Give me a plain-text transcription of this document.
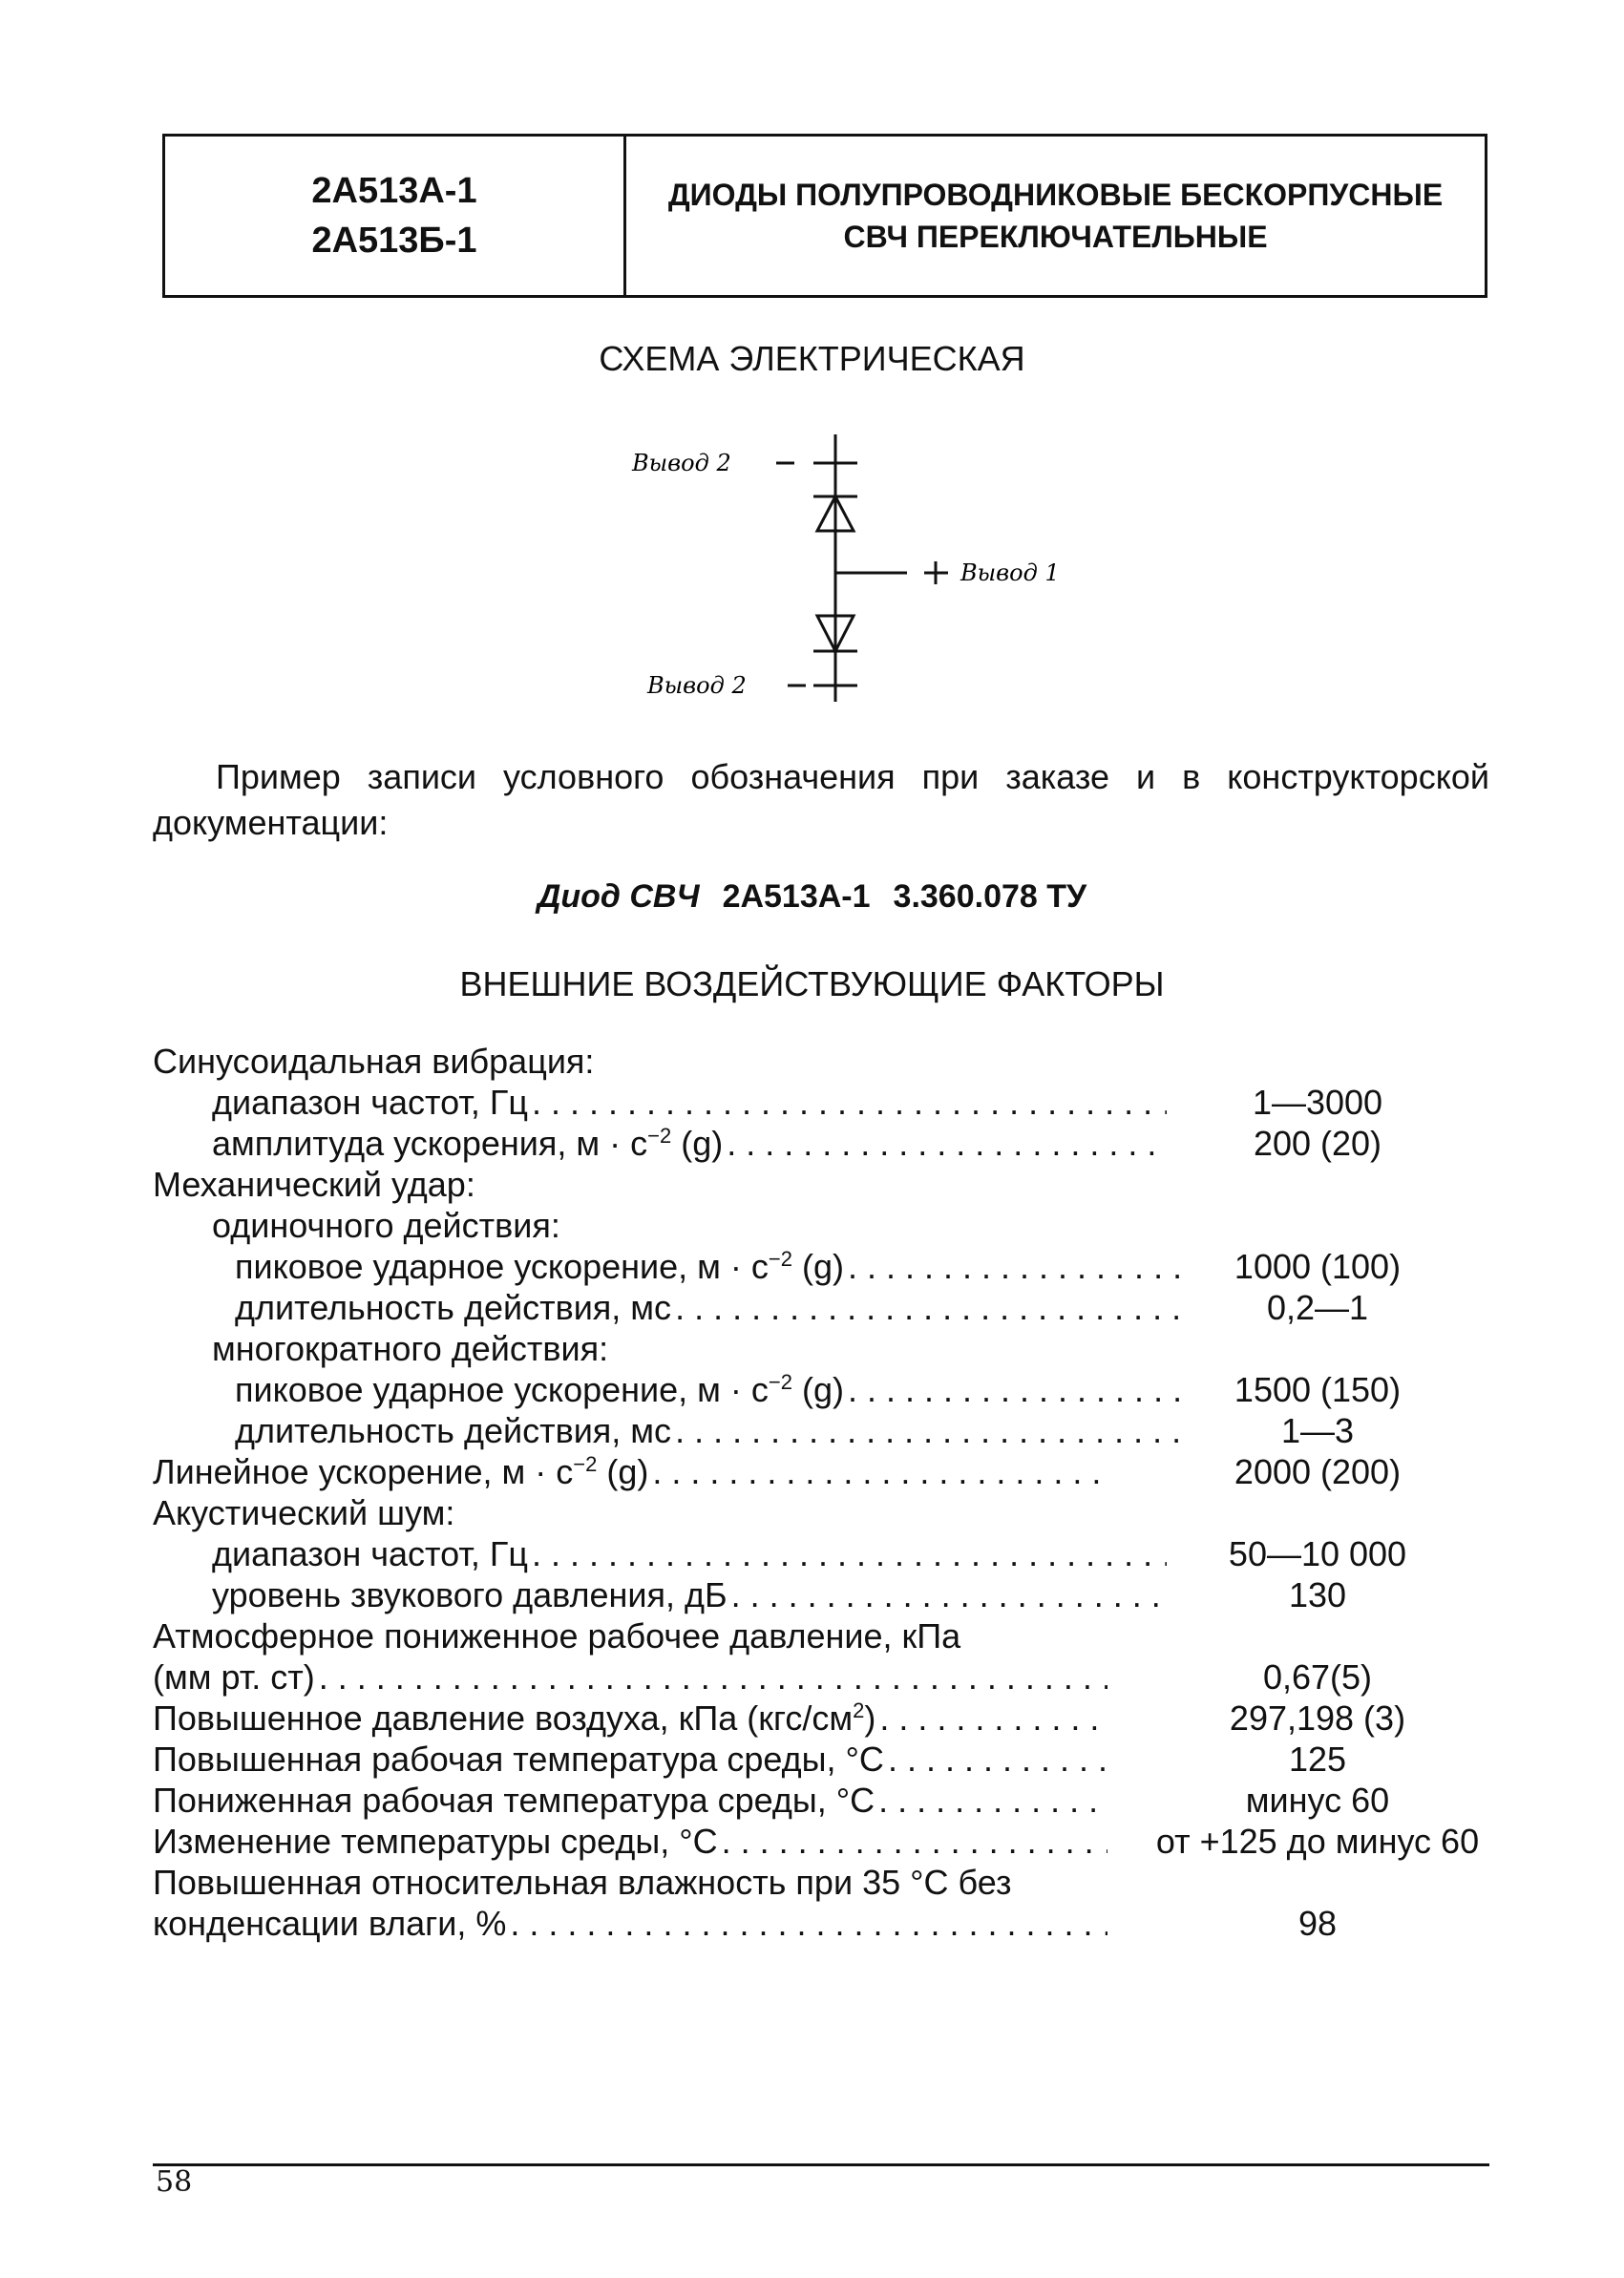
2А513А-1
2А513Б-1
ДИОДЫ ПОЛУПРОВОДНИКОВЫЕ БЕСКОРПУСНЫЕ
СВЧ ПЕРЕКЛЮЧАТЕЛЬНЫЕ
СХЕМА ЭЛЕКТРИЧЕСКАЯ
Вывод 2
Вывод 1
Вывод 2
Пример записи условного обозначения при заказе и в конструкторской документации:
Диод СВЧ 2А513А-1 3.360.078 ТУ
ВНЕШНИЕ ВОЗДЕЙСТВУЮЩИЕ ФАКТОРЫ
Синусоидальная вибрация:
диапазон частот, Гц . . .	1—3000
амплитуда ускорения, $м \cdot с^{-2}$ (g) . . .	200 (20)
Механический удар:
одиночного действия:
пиковое ударное ускорение, $м \cdot с^{-2}$ (g) . . .	1000 (100)
длительность действия, мс . . .	0,2—1
многократного действия:
пиковое ударное ускорение, $м \cdot с^{-2}$ (g) . . .	1500 (150)
длительность действия, мс . . .	1—3
Линейное ускорение, $м \cdot с^{-2}$ (g) . . .	2000 (200)
Акустический шум:
диапазон частот, Гц . . .	50—10 000
уровень звукового давления, дБ . . .	130
Атмосферное пониженное рабочее давление, кПа
(мм рт. ст) . . .	0,67(5)
Повышенное давление воздуха, кПа $(кгс/см^2)$ . . .	297,198 (3)
Повышенная рабочая температура среды, °С . . .	125
Пониженная рабочая температура среды, °С . . .	минус 60
Изменение температуры среды, °С . . .	от +125 до минус 60
Повышенная относительная влажность при 35 °С без
конденсации влаги, % . . .	98
58
